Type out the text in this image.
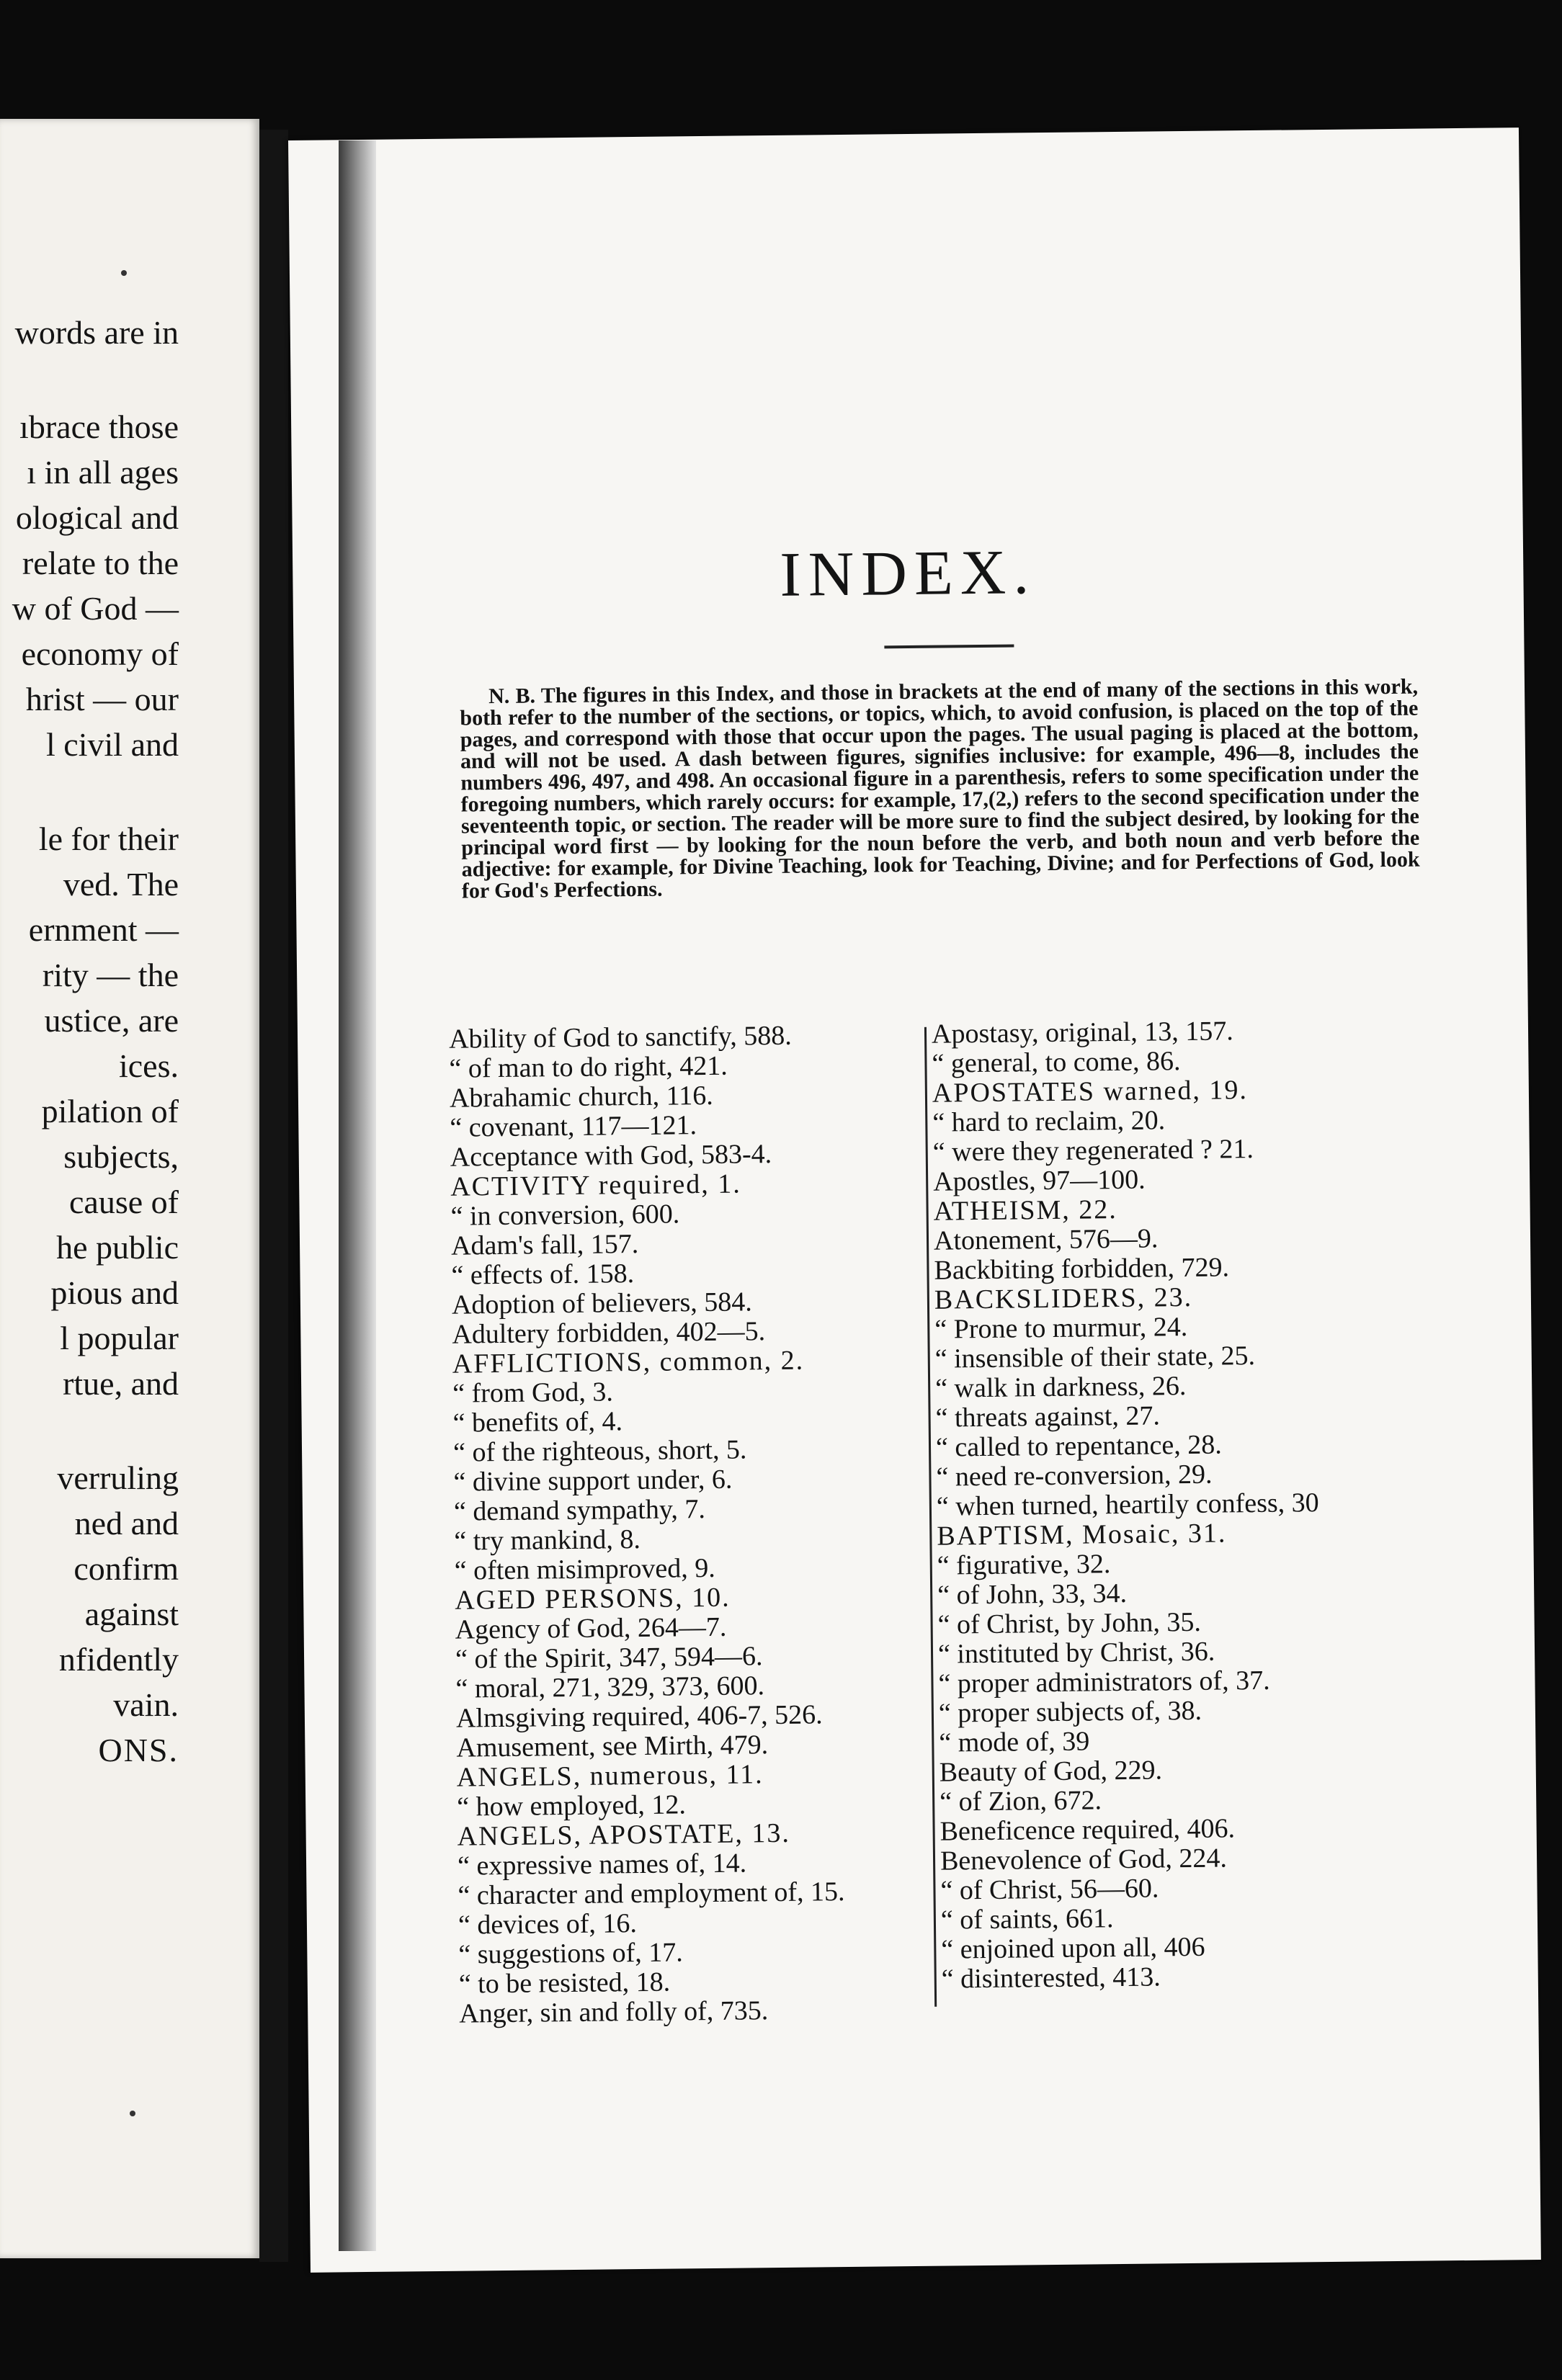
words are in
ıbrace those
ı in all ages
ological and
relate to the
w of God —
economy of
hrist — our
l civil and
le for their
ved. The
ernment —
rity — the
ustice, are
ices.
pilation of
subjects,
cause of
he public
pious and
l popular
rtue, and
verruling
ned and
confirm
against
nfidently
vain.
ONS.
INDEX.

N. B. The figures in this Index, and those in brackets at the end of many of the sections in this work, both refer to the number of the sections, or topics, which, to avoid confusion, is placed on the top of the pages, and correspond with those that occur upon the pages. The usual paging is placed at the bottom, and will not be used. A dash between figures, signifies inclusive: for example, 496—8, includes the numbers 496, 497, and 498. An occasional figure in a parenthesis, refers to some specification under the foregoing numbers, which rarely occurs: for example, 17,(2,) refers to the second specification under the seventeenth topic, or section. The reader will be more sure to find the subject desired, by looking for the principal word first — by looking for the noun before the verb, and both noun and verb before the adjective: for example, for Divine Teaching, look for Teaching, Divine; and for Perfections of God, look for God's Perfections.

Ability of God to sanctify, 588.
“ of man to do right, 421.
Abrahamic church, 116.
“ covenant, 117—121.
Acceptance with God, 583-4.
ACTIVITY required, 1.
“ in conversion, 600.
Adam's fall, 157.
“ effects of. 158.
Adoption of believers, 584.
Adultery forbidden, 402—5.
AFFLICTIONS, common, 2.
“ from God, 3.
“ benefits of, 4.
“ of the righteous, short, 5.
“ divine support under, 6.
“ demand sympathy, 7.
“ try mankind, 8.
“ often misimproved, 9.
AGED PERSONS, 10.
Agency of God, 264—7.
“ of the Spirit, 347, 594—6.
“ moral, 271, 329, 373, 600.
Almsgiving required, 406-7, 526.
Amusement, see Mirth, 479.
ANGELS, numerous, 11.
“ how employed, 12.
ANGELS, APOSTATE, 13.
“ expressive names of, 14.
“ character and employment of, 15.
“ devices of, 16.
“ suggestions of, 17.
“ to be resisted, 18.
Anger, sin and folly of, 735.
Apostasy, original, 13, 157.
“ general, to come, 86.
APOSTATES warned, 19.
“ hard to reclaim, 20.
“ were they regenerated ? 21.
Apostles, 97—100.
ATHEISM, 22.
Atonement, 576—9.
Backbiting forbidden, 729.
BACKSLIDERS, 23.
“ Prone to murmur, 24.
“ insensible of their state, 25.
“ walk in darkness, 26.
“ threats against, 27.
“ called to repentance, 28.
“ need re-conversion, 29.
“ when turned, heartily confess, 30
BAPTISM, Mosaic, 31.
“ figurative, 32.
“ of John, 33, 34.
“ of Christ, by John, 35.
“ instituted by Christ, 36.
“ proper administrators of, 37.
“ proper subjects of, 38.
“ mode of, 39
Beauty of God, 229.
“ of Zion, 672.
Beneficence required, 406.
Benevolence of God, 224.
“ of Christ, 56—60.
“ of saints, 661.
“ enjoined upon all, 406
“ disinterested, 413.
